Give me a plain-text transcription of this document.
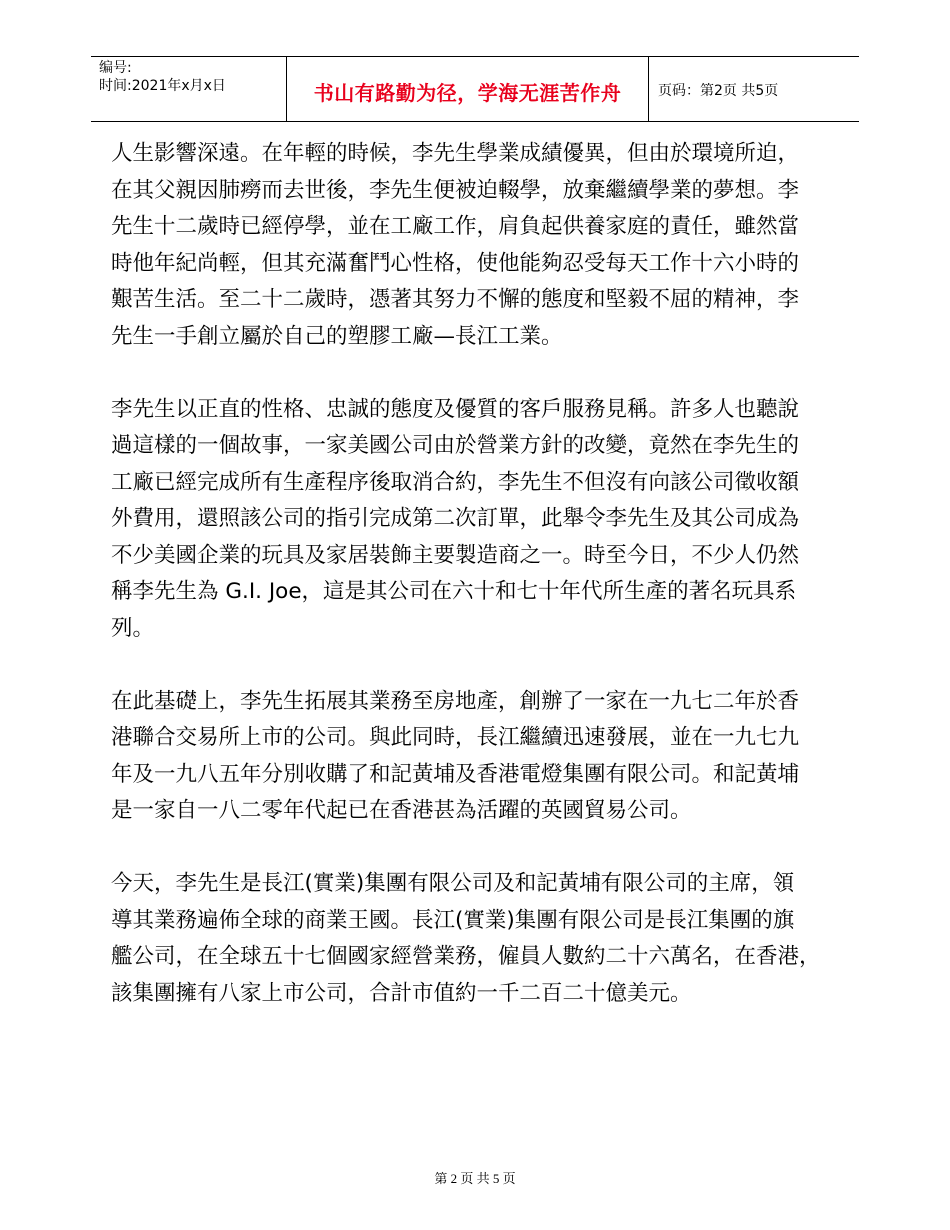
编号:
时间:2021年x月x日	书山有路勤为径，学海无涯苦作舟	页码：第2页 共5页
人生影響深遠。在年輕的時候，李先生學業成績優異，但由於環境所迫，
在其父親因肺癆而去世後，李先生便被迫輟學，放棄繼續學業的夢想。李
先生十二歲時已經停學，並在工廠工作，肩負起供養家庭的責任，雖然當
時他年紀尚輕，但其充滿奮鬥心性格，使他能夠忍受每天工作十六小時的
艱苦生活。至二十二歲時，憑著其努力不懈的態度和堅毅不屈的精神，李
先生一手創立屬於自己的塑膠工廠—長江工業。
李先生以正直的性格、忠誠的態度及優質的客戶服務見稱。許多人也聽說
過這樣的一個故事，一家美國公司由於營業方針的改變，竟然在李先生的
工廠已經完成所有生產程序後取消合約，李先生不但沒有向該公司徵收額
外費用，還照該公司的指引完成第二次訂單，此舉令李先生及其公司成為
不少美國企業的玩具及家居裝飾主要製造商之一。時至今日，不少人仍然
稱李先生為 G.I. Joe，這是其公司在六十和七十年代所生產的著名玩具系
列。
在此基礎上，李先生拓展其業務至房地產，創辦了一家在一九七二年於香
港聯合交易所上市的公司。與此同時，長江繼續迅速發展，並在一九七九
年及一九八五年分別收購了和記黃埔及香港電燈集團有限公司。和記黃埔
是一家自一八二零年代起已在香港甚為活躍的英國貿易公司。
今天，李先生是長江(實業)集團有限公司及和記黃埔有限公司的主席，領
導其業務遍佈全球的商業王國。長江(實業)集團有限公司是長江集團的旗
艦公司，在全球五十七個國家經營業務，僱員人數約二十六萬名，在香港，
該集團擁有八家上市公司，合計市值約一千二百二十億美元。
第 2 页 共 5 页
